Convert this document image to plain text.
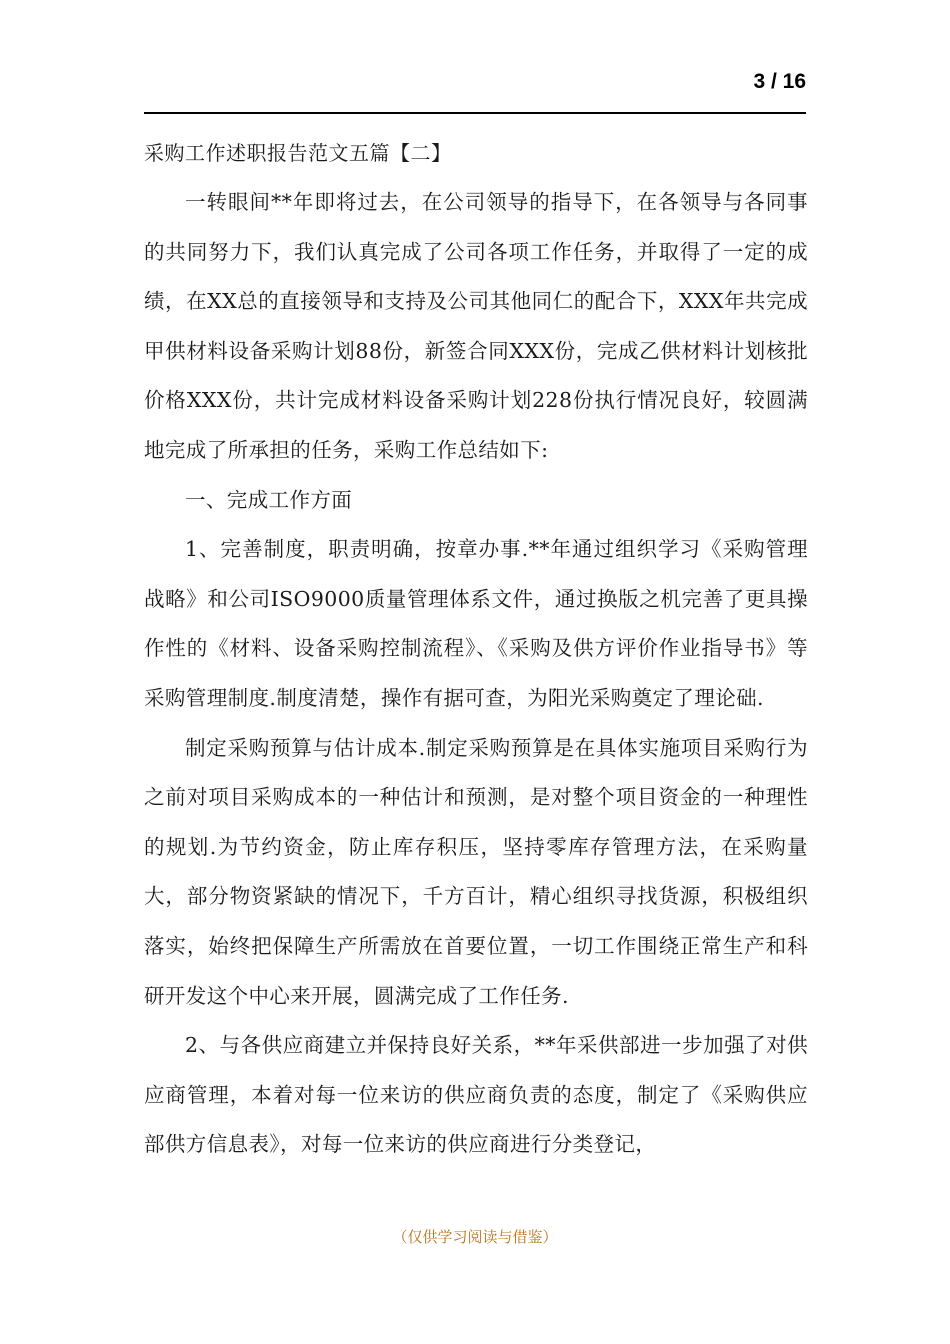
3 / 16
采购工作述职报告范文五篇【二】

一转眼间**年即将过去，在公司领导的指导下，在各领导与各同事的共同努力下，我们认真完成了公司各项工作任务，并取得了一定的成绩，在XX总的直接领导和支持及公司其他同仁的配合下，XXX年共完成甲供材料设备采购计划88份，新签合同XXX份，完成乙供材料计划核批价格XXX份，共计完成材料设备采购计划228份执行情况良好，较圆满地完成了所承担的任务，采购工作总结如下:

一、完成工作方面

1、完善制度，职责明确，按章办事.**年通过组织学习《采购管理战略》和公司ISO9000质量管理体系文件，通过换版之机完善了更具操作性的《材料、设备采购控制流程》、《采购及供方评价作业指导书》等采购管理制度.制度清楚，操作有据可查，为阳光采购奠定了理论础.

制定采购预算与估计成本.制定采购预算是在具体实施项目采购行为之前对项目采购成本的一种估计和预测，是对整个项目资金的一种理性的规划.为节约资金，防止库存积压，坚持零库存管理方法，在采购量大，部分物资紧缺的情况下，千方百计，精心组织寻找货源，积极组织落实，始终把保障生产所需放在首要位置，一切工作围绕正常生产和科研开发这个中心来开展，圆满完成了工作任务.

2、与各供应商建立并保持良好关系，**年采供部进一步加强了对供应商管理，本着对每一位来访的供应商负责的态度，制定了《采购供应部供方信息表》，对每一位来访的供应商进行分类登记，

（仅供学习阅读与借鉴）
